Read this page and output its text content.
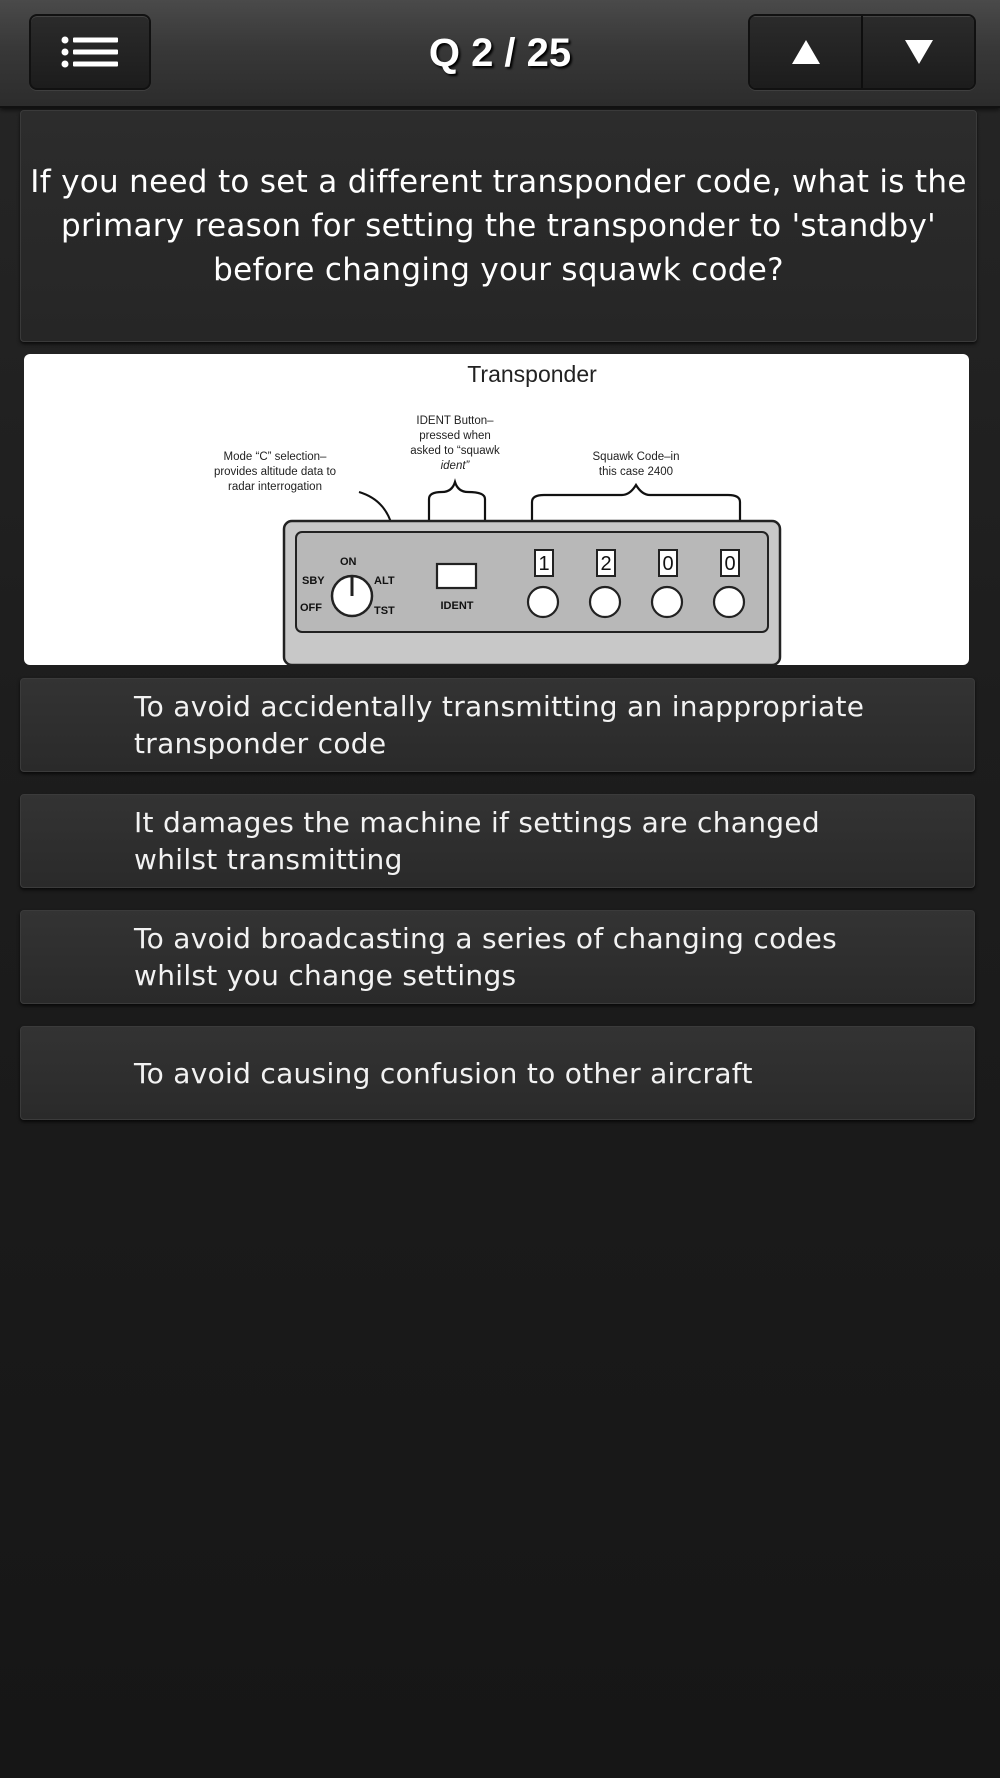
Q 2 / 25

If you need to set a different transponder code, what is the primary reason for setting the transponder to 'standby' before changing your squawk code?

Transponder
Mode “C” selection–
provides altitude data to
radar interrogation
IDENT Button–
pressed when
asked to “squawk
ident”
Squawk Code–in
this case 2400
ON
SBY	ALT
OFF	TST	IDENT
1	2	0	0
To avoid accidentally transmitting an inappropriate transponder code
It damages the machine if settings are changed whilst transmitting
To avoid broadcasting a series of changing codes whilst you change settings
To avoid causing confusion to other aircraft
